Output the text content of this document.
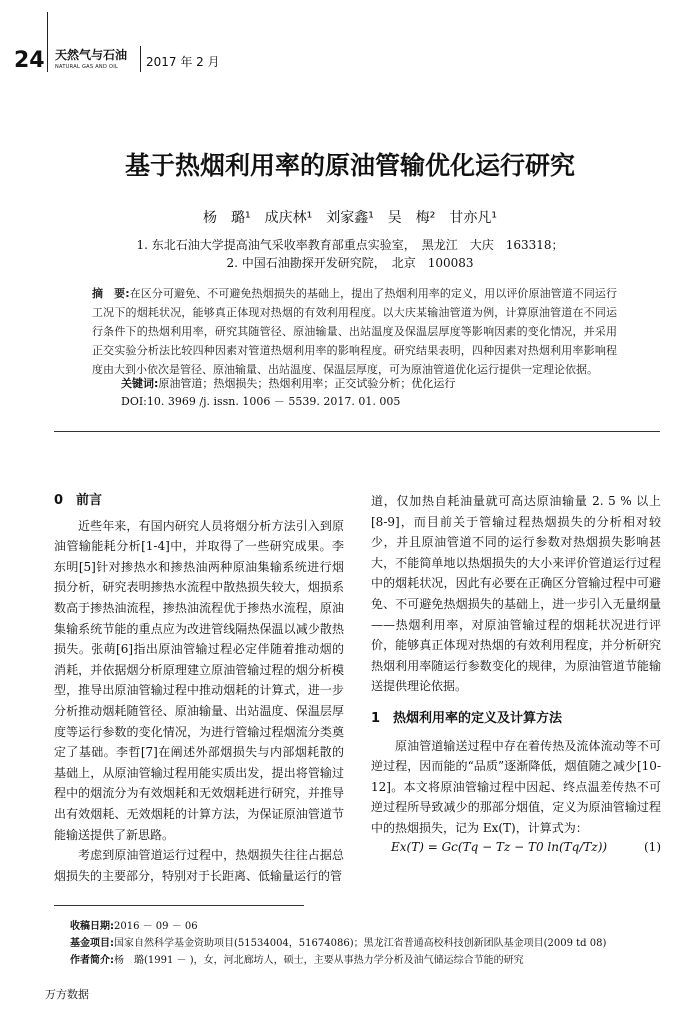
24 天然气与石油
NATURAL GAS AND OIL	2017 年 2 月
基于热烟利用率的原油管输优化运行研究
杨　璐¹　成庆林¹　刘家鑫¹　吴　梅²　甘亦凡¹
1. 东北石油大学提高油气采收率教育部重点实验室，　黑龙江　大庆　163318；
2. 中国石油勘探开发研究院，　北京　100083
摘　要:在区分可避免、不可避免热烟损失的基础上，提出了热烟利用率的定义，用以评价原油管道不同运行工况下的烟耗状况，能够真正体现对热烟的有效利用程度。以大庆某输油管道为例，计算原油管道在不同运行条件下的热烟利用率，研究其随管径、原油输量、出站温度及保温层厚度等影响因素的变化情况，并采用正交实验分析法比较四种因素对管道热烟利用率的影响程度。研究结果表明，四种因素对热烟利用率影响程度由大到小依次是管径、原油输量、出站温度、保温层厚度，可为原油管道优化运行提供一定理论依据。
关键词:原油管道；热烟损失；热烟利用率；正交试验分析；优化运行
DOI:10. 3969 /j. issn. 1006 － 5539. 2017. 01. 005
0　前言

近些年来，有国内研究人员将烟分析方法引入到原油管输能耗分析[1-4]中，并取得了一些研究成果。李东明[5]针对掺热水和掺热油两种原油集输系统进行烟损分析，研究表明掺热水流程中散热损失较大，烟损系数高于掺热油流程，掺热油流程优于掺热水流程，原油集输系统节能的重点应为改进管线隔热保温以减少散热损失。张萌[6]指出原油管输过程必定伴随着推动烟的消耗，并依据烟分析原理建立原油管输过程的烟分析模型，推导出原油管输过程中推动烟耗的计算式，进一步分析推动烟耗随管径、原油输量、出站温度、保温层厚度等运行参数的变化情况，为进行管输过程烟流分类奠定了基础。李哲[7]在阐述外部烟损失与内部烟耗散的基础上，从原油管输过程用能实质出发，提出将管输过程中的烟流分为有效烟耗和无效烟耗进行研究，并推导出有效烟耗、无效烟耗的计算方法，为保证原油管道节能输送提供了新思路。

考虑到原油管道运行过程中，热烟损失往往占据总烟损失的主要部分，特别对于长距离、低输量运行的管

道，仅加热自耗油量就可高达原油输量 2. 5 % 以上[8-9]，而目前关于管输过程热烟损失的分析相对较少，并且原油管道不同的运行参数对热烟损失影响甚大，不能简单地以热烟损失的大小来评价管道运行过程中的烟耗状况，因此有必要在正确区分管输过程中可避免、不可避免热烟损失的基础上，进一步引入无量纲量——热烟利用率，对原油管输过程的烟耗状况进行评价，能够真正体现对热烟的有效利用程度，并分析研究热烟利用率随运行参数变化的规律，为原油管道节能输送提供理论依据。

1　热烟利用率的定义及计算方法

原油管道输送过程中存在着传热及流体流动等不可逆过程，因而能的“品质”逐渐降低，烟值随之减少[10-12]。本文将原油管输过程中因起、终点温差传热不可逆过程所导致减少的那部分烟值，定义为原油管输过程中的热烟损失，记为 Ex(T)，计算式为：

Ex(T) = Gc(Tq − Tz − T0 ln(Tq/Tz))	(1)
收稿日期:2016 － 09 － 06
基金项目:国家自然科学基金资助项目(51534004，51674086)；黑龙江省普通高校科技创新团队基金项目(2009 td 08)
作者简介:杨　璐(1991 － )，女，河北廊坊人，硕士，主要从事热力学分析及油气储运综合节能的研究
万方数据
